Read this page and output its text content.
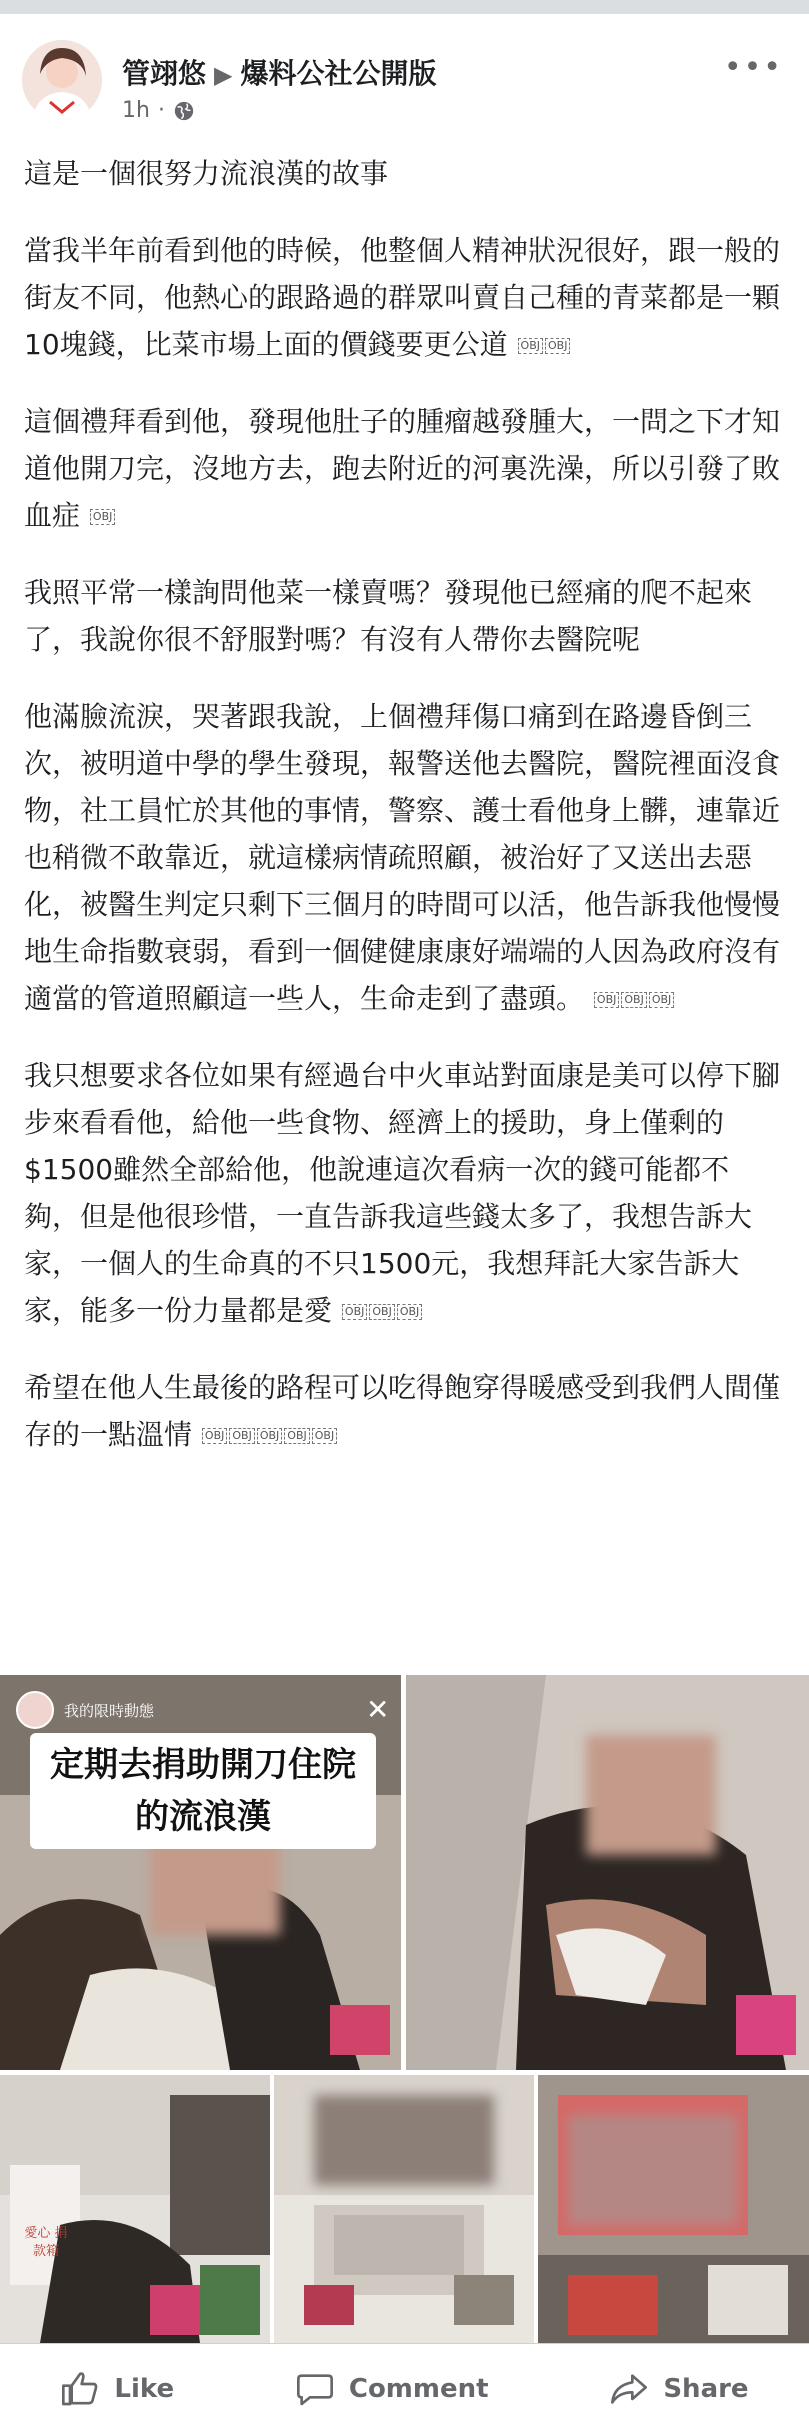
管翊悠 ▶ 爆料公社公開版
1h ·
•••

這是一個很努力流浪漢的故事

當我半年前看到他的時候，他整個人精神狀況很好，跟一般的街友不同，他熱心的跟路過的群眾叫賣自己種的青菜都是一顆10塊錢，比菜市場上面的價錢要更公道 OBJ OBJ

這個禮拜看到他，發現他肚子的腫瘤越發腫大，一問之下才知道他開刀完，沒地方去，跑去附近的河裏洗澡，所以引發了敗血症 OBJ

我照平常一樣詢問他菜一樣賣嗎？發現他已經痛的爬不起來了，我說你很不舒服對嗎？有沒有人帶你去醫院呢

他滿臉流淚，哭著跟我說，上個禮拜傷口痛到在路邊昏倒三次，被明道中學的學生發現，報警送他去醫院，醫院裡面沒食物，社工員忙於其他的事情，警察、護士看他身上髒，連靠近也稍微不敢靠近，就這樣病情疏照顧，被治好了又送出去惡化，被醫生判定只剩下三個月的時間可以活，他告訴我他慢慢地生命指數衰弱，看到一個健健康康好端端的人因為政府沒有適當的管道照顧這一些人，生命走到了盡頭。 OBJ OBJ OBJ

我只想要求各位如果有經過台中火車站對面康是美可以停下腳步來看看他，給他一些食物、經濟上的援助，身上僅剩的$1500雖然全部給他，他說連這次看病一次的錢可能都不夠，但是他很珍惜，一直告訴我這些錢太多了，我想告訴大家，一個人的生命真的不只1500元，我想拜託大家告訴大家，能多一份力量都是愛 OBJ OBJ OBJ

希望在他人生最後的路程可以吃得飽穿得暖感受到我們人間僅存的一點溫情 OBJ OBJ OBJ OBJ OBJ

我的限時動態	✕
定期去捐助開刀住院的流浪漢
愛心 捐款箱
Like	Comment	Share
